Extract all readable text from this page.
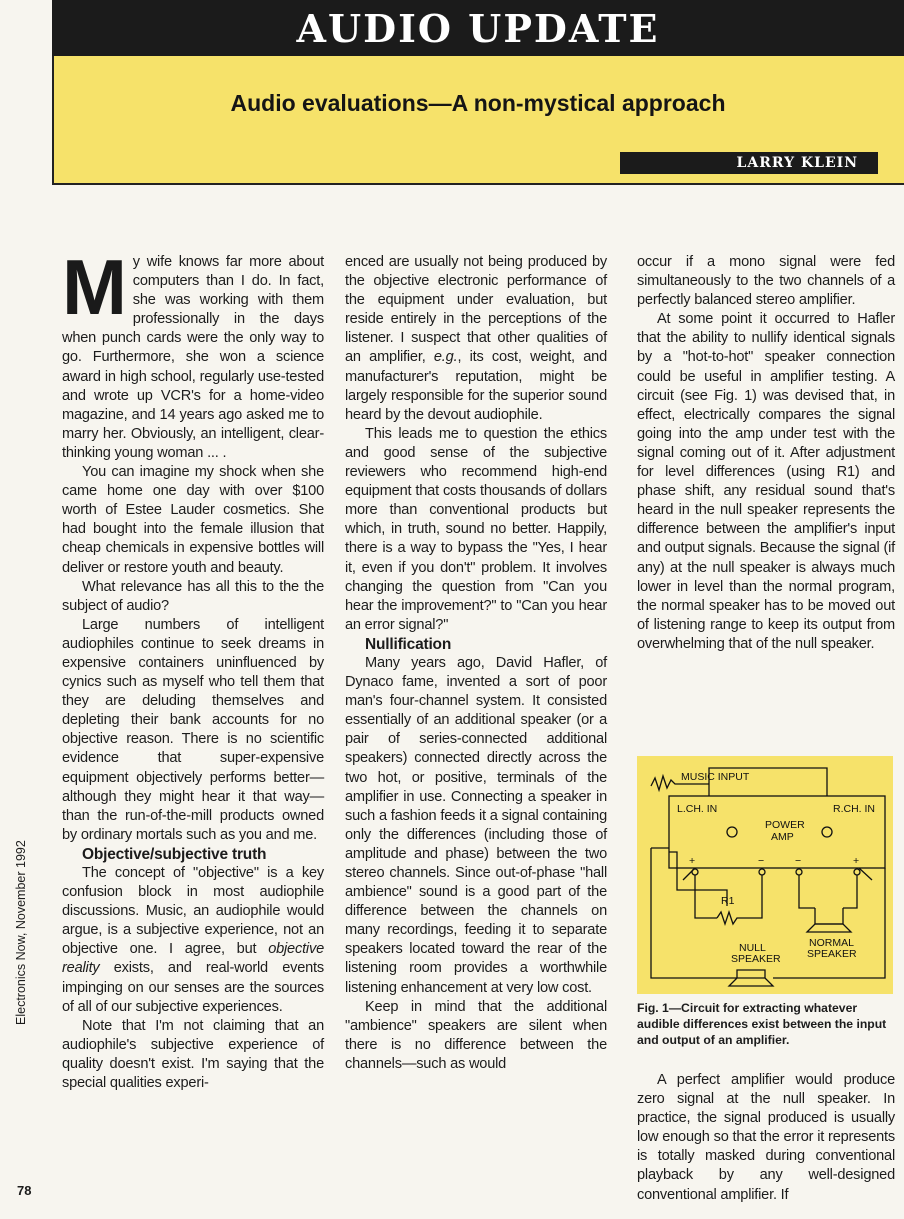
AUDIO UPDATE
Audio evaluations—A non-mystical approach
LARRY KLEIN
Electronics Now, November 1992
78

My wife knows far more about computers than I do. In fact, she was working with them professionally in the days when punch cards were the only way to go. Furthermore, she won a science award in high school, regularly use-tested and wrote up VCR's for a home-video magazine, and 14 years ago asked me to marry her. Obviously, an intelligent, clear-thinking young woman ... .

You can imagine my shock when she came home one day with over $100 worth of Estee Lauder cosmetics. She had bought into the female illusion that cheap chemicals in expensive bottles will deliver or restore youth and beauty.

What relevance has all this to the the subject of audio?

Large numbers of intelligent audiophiles continue to seek dreams in expensive containers uninfluenced by cynics such as myself who tell them that they are deluding themselves and depleting their bank accounts for no objective reason. There is no scientific evidence that super-expensive equipment objectively performs better—although they might hear it that way—than the run-of-the-mill products owned by ordinary mortals such as you and me.

Objective/subjective truth

The concept of "objective" is a key confusion block in most audiophile discussions. Music, an audiophile would argue, is a subjective experience, not an objective one. I agree, but objective reality exists, and real-world events impinging on our senses are the sources of all of our subjective experiences.

Note that I'm not claiming that an audiophile's subjective experience of quality doesn't exist. I'm saying that the special qualities experi-

enced are usually not being produced by the objective electronic performance of the equipment under evaluation, but reside entirely in the perceptions of the listener. I suspect that other qualities of an amplifier, e.g., its cost, weight, and manufacturer's reputation, might be largely responsible for the superior sound heard by the devout audiophile.

This leads me to question the ethics and good sense of the subjective reviewers who recommend high-end equipment that costs thousands of dollars more than conventional products but which, in truth, sound no better. Happily, there is a way to bypass the "Yes, I hear it, even if you don't" problem. It involves changing the question from "Can you hear the improvement?" to "Can you hear an error signal?"

Nullification

Many years ago, David Hafler, of Dynaco fame, invented a sort of poor man's four-channel system. It consisted essentially of an additional speaker (or a pair of series-connected additional speakers) connected directly across the two hot, or positive, terminals of the amplifier in use. Connecting a speaker in such a fashion feeds it a signal containing only the differences (including those of amplitude and phase) between the two stereo channels. Since out-of-phase "hall ambience" sound is a good part of the difference between the channels on many recordings, feeding it to separate speakers located toward the rear of the listening room provides a worthwhile listening enhancement at very low cost.

Keep in mind that the additional "ambience" speakers are silent when there is no difference between the channels—such as would

occur if a mono signal were fed simultaneously to the two channels of a perfectly balanced stereo amplifier.

At some point it occurred to Hafler that the ability to nullify identical signals by a "hot-to-hot" speaker connection could be useful in amplifier testing. A circuit (see Fig. 1) was devised that, in effect, electrically compares the signal going into the amp under test with the signal coming out of it. After adjustment for level differences (using R1) and phase shift, any residual sound that's heard in the null speaker represents the difference between the amplifier's input and output signals. Because the signal (if any) at the null speaker is always much lower in level than the normal program, the normal speaker has to be moved out of listening range to keep its output from overwhelming that of the null speaker.

MUSIC INPUT
L.CH. IN	R.CH. IN
POWER
AMP
+	−	−	+
R1
NORMAL
SPEAKER
NULL
SPEAKER
Fig. 1—Circuit for extracting whatever audible differences exist between the input and output of an amplifier.

A perfect amplifier would produce zero signal at the null speaker. In practice, the signal produced is usually low enough so that the error it represents is totally masked during conventional playback by any well-designed conventional amplifier. If
